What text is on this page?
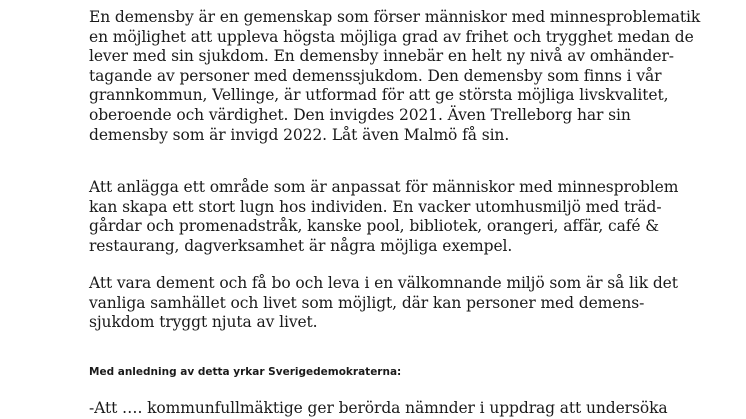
En demensby är en gemenskap som förser människor med minnesproblematik
en möjlighet att uppleva högsta möjliga grad av frihet och trygghet medan de
lever med sin sjukdom. En demensby innebär en helt ny nivå av omhänder-
tagande av personer med demenssjukdom. Den demensby som finns i vår
grannkommun, Vellinge, är utformad för att ge största möjliga livskvalitet,
oberoende och värdighet. Den invigdes 2021. Även Trelleborg har sin
demensby som är invigd 2022. Låt även Malmö få sin.

Att anlägga ett område som är anpassat för människor med minnesproblem
kan skapa ett stort lugn hos individen. En vacker utomhusmiljö med träd-
gårdar och promenadstråk, kanske pool, bibliotek, orangeri, affär, café &
restaurang, dagverksamhet är några möjliga exempel.

Att vara dement och få bo och leva i en välkomnande miljö som är så lik det
vanliga samhället och livet som möjligt, där kan personer med demens-
sjukdom tryggt njuta av livet.

Med anledning av detta yrkar Sverigedemokraterna:

-Att …. kommunfullmäktige ger berörda nämnder i uppdrag att undersöka
